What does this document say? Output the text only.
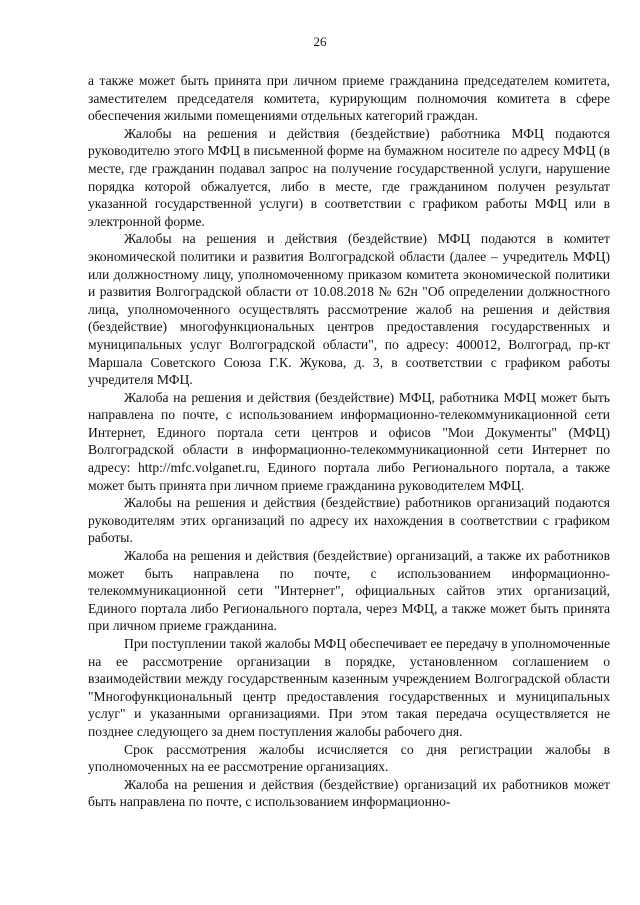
26

а также может быть принята при личном приеме гражданина председателем комитета, заместителем председателя комитета, курирующим полномочия комитета в сфере обеспечения жилыми помещениями отдельных категорий граждан.

Жалобы на решения и действия (бездействие) работника МФЦ подаются руководителю этого МФЦ в письменной форме на бумажном носителе по адресу МФЦ (в месте, где гражданин подавал запрос на получение государственной услуги, нарушение порядка которой обжалуется, либо в месте, где гражданином получен результат указанной государственной услуги) в соответствии с графиком работы МФЦ или в электронной форме.

Жалобы на решения и действия (бездействие) МФЦ подаются в комитет экономической политики и развития Волгоградской области (далее – учредитель МФЦ) или должностному лицу, уполномоченному приказом комитета экономической политики и развития Волгоградской области от 10.08.2018 № 62н "Об определении должностного лица, уполномоченного осуществлять рассмотрение жалоб на решения и действия (бездействие) многофункциональных центров предоставления государственных и муниципальных услуг Волгоградской области", по адресу: 400012, Волгоград, пр-кт Маршала Советского Союза Г.К. Жукова, д. 3, в соответствии с графиком работы учредителя МФЦ.

Жалоба на решения и действия (бездействие) МФЦ, работника МФЦ может быть направлена по почте, с использованием информационно-телекоммуникационной сети Интернет, Единого портала сети центров и офисов "Мои Документы" (МФЦ) Волгоградской области в информационно-телекоммуникационной сети Интернет по адресу: http://mfc.volganet.ru, Единого портала либо Регионального портала, а также может быть принята при личном приеме гражданина руководителем МФЦ.

Жалобы на решения и действия (бездействие) работников организаций подаются руководителям этих организаций по адресу их нахождения в соответствии с графиком работы.

Жалоба на решения и действия (бездействие) организаций, а также их работников может быть направлена по почте, с использованием информационно-телекоммуникационной сети "Интернет", официальных сайтов этих организаций, Единого портала либо Регионального портала, через МФЦ, а также может быть принята при личном приеме гражданина.

При поступлении такой жалобы МФЦ обеспечивает ее передачу в уполномоченные на ее рассмотрение организации в порядке, установленном соглашением о взаимодействии между государственным казенным учреждением Волгоградской области "Многофункциональный центр предоставления государственных и муниципальных услуг" и указанными организациями. При этом такая передача осуществляется не позднее следующего за днем поступления жалобы рабочего дня.

Срок рассмотрения жалобы исчисляется со дня регистрации жалобы в уполномоченных на ее рассмотрение организациях.

Жалоба на решения и действия (бездействие) организаций их работников может быть направлена по почте, с использованием информационно-
